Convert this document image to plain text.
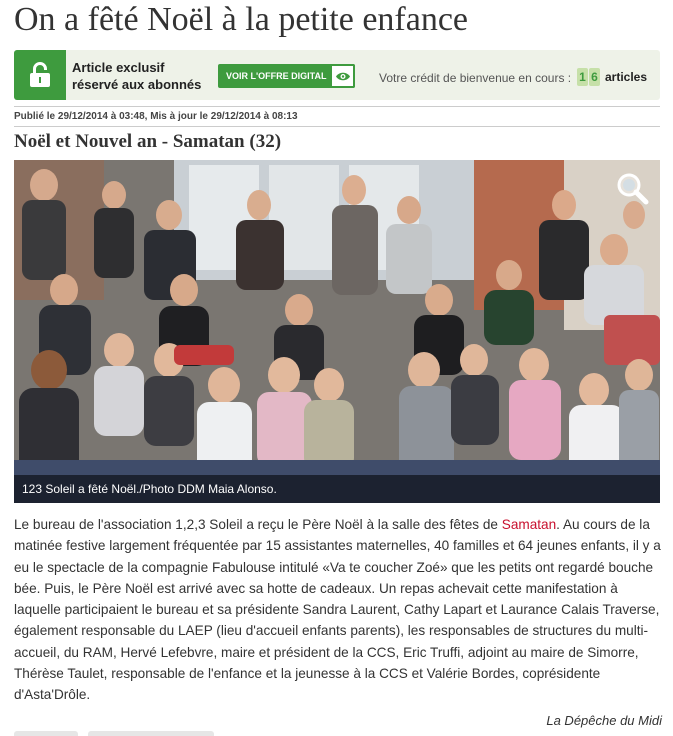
On a fêté Noël à la petite enfance
Article exclusif
réservé aux abonnés
VOIR L'OFFRE DIGITAL	Votre crédit de bienvenue en cours : 1 6 articles
Publié le 29/12/2014 à 03:48, Mis à jour le 29/12/2014 à 08:13
Noël et Nouvel an - Samatan (32)
123 Soleil a fêté Noël./Photo DDM Maia Alonso.

Le bureau de l'association 1,2,3 Soleil a reçu le Père Noël à la salle des fêtes de Samatan. Au cours de la matinée festive largement fréquentée par 15 assistantes maternelles, 40 familles et 64 jeunes enfants, il y a eu le spectacle de la compagnie Fabulouse intitulé «Va te coucher Zoé» que les petits ont regardé bouche bée. Puis, le Père Noël est arrivé avec sa hotte de cadeaux. Un repas achevait cette manifestation à laquelle participaient le bureau et sa présidente Sandra Laurent, Cathy Lapart et Laurance Calais Traverse, également responsable du LAEP (lieu d'accueil enfants parents), les responsables de structures du multi-accueil, du RAM, Hervé Lefebvre, maire et président de la CCS, Eric Truffi, adjoint au maire de Simorre, Thérèse Taulet, responsable de l'enfance et la jeunesse à la CCS et Valérie Bordes, coprésidente d'Asta'Drôle.

La Dépêche du Midi
